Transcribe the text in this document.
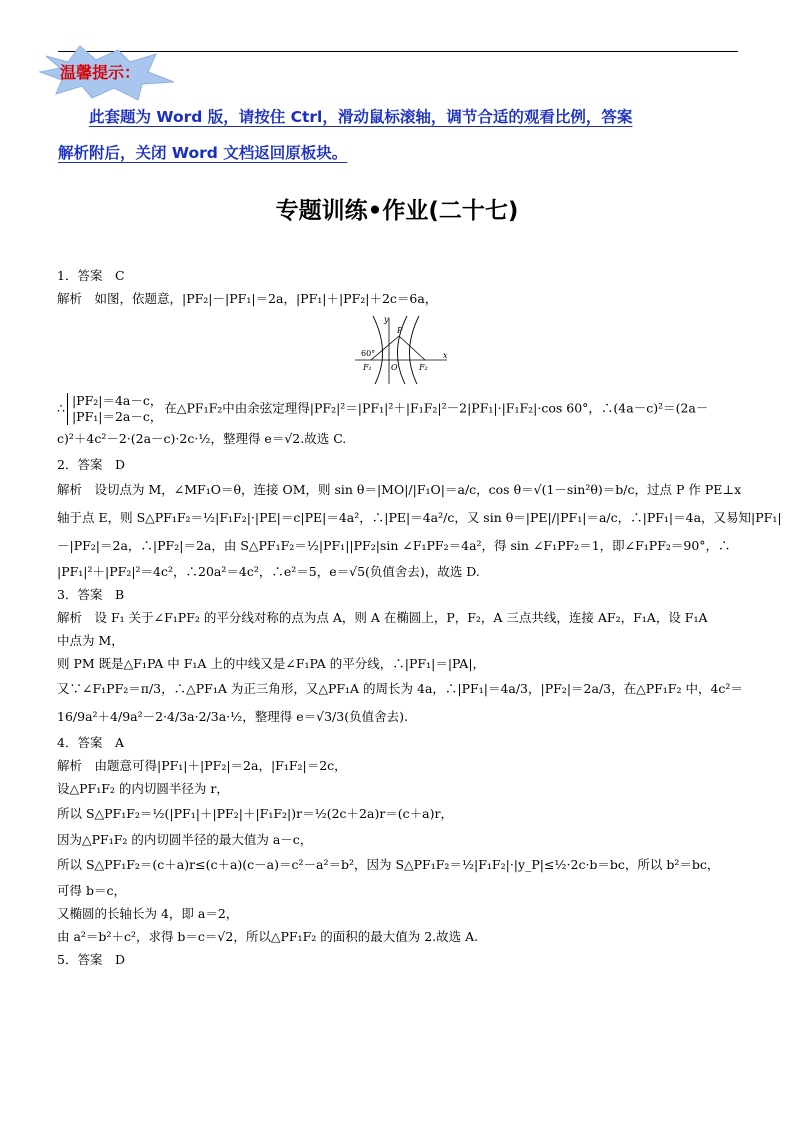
温馨提示：

此套题为 Word 版，请按住 Ctrl，滑动鼠标滚轴，调节合适的观看比例，答案

解析附后，关闭 Word 文档返回原板块。

专题训练•作业(二十七)

1．答案　C

解析　如图，依题意，|PF₂|－|PF₁|＝2a，|PF₁|＋|PF₂|＋2c＝6a，

60°
y
x
P
O
F₁	F₂

∴ |PF₂|＝4a－c，
|PF₁|＝2a－c，在△PF₁F₂中由余弦定理得|PF₂|²＝|PF₁|²＋|F₁F₂|²－2|PF₁|·|F₁F₂|·cos 60°，∴(4a－c)²＝(2a－

c)²＋4c²－2·(2a－c)·2c·½，整理得 e＝√2.故选 C.

2．答案　D

解析　设切点为 M，∠MF₁O＝θ，连接 OM，则 sin θ＝|MO|/|F₁O|＝a/c，cos θ＝√(1－sin²θ)＝b/c，过点 P 作 PE⊥x

轴于点 E，则 S△PF₁F₂＝½|F₁F₂|·|PE|＝c|PE|＝4a²，∴|PE|＝4a²/c，又 sin θ＝|PE|/|PF₁|＝a/c，∴|PF₁|＝4a，又易知|PF₁|

－|PF₂|＝2a，∴|PF₂|＝2a，由 S△PF₁F₂＝½|PF₁||PF₂|sin ∠F₁PF₂＝4a²，得 sin ∠F₁PF₂＝1，即∠F₁PF₂＝90°，∴

|PF₁|²＋|PF₂|²＝4c²，∴20a²＝4c²，∴e²＝5，e＝√5(负值舍去)，故选 D.

3．答案　B

解析　设 F₁ 关于∠F₁PF₂ 的平分线对称的点为点 A，则 A 在椭圆上，P，F₂，A 三点共线，连接 AF₂，F₁A，设 F₁A

中点为 M，

则 PM 既是△F₁PA 中 F₁A 上的中线又是∠F₁PA 的平分线，∴|PF₁|＝|PA|，

又∵∠F₁PF₂＝π/3，∴△PF₁A 为正三角形，又△PF₁A 的周长为 4a，∴|PF₁|＝4a/3，|PF₂|＝2a/3，在△PF₁F₂ 中，4c²＝

16/9a²＋4/9a²－2·4/3a·2/3a·½，整理得 e＝√3/3(负值舍去).

4．答案　A

解析　由题意可得|PF₁|＋|PF₂|＝2a，|F₁F₂|＝2c，

设△PF₁F₂ 的内切圆半径为 r，

所以 S△PF₁F₂＝½(|PF₁|＋|PF₂|＋|F₁F₂|)r＝½(2c＋2a)r＝(c＋a)r，

因为△PF₁F₂ 的内切圆半径的最大值为 a－c，

所以 S△PF₁F₂＝(c＋a)r≤(c＋a)(c－a)＝c²－a²＝b²，因为 S△PF₁F₂＝½|F₁F₂|·|y_P|≤½·2c·b＝bc，所以 b²＝bc，

可得 b＝c，

又椭圆的长轴长为 4，即 a＝2，

由 a²＝b²＋c²，求得 b＝c＝√2，所以△PF₁F₂ 的面积的最大值为 2.故选 A.

5．答案　D
